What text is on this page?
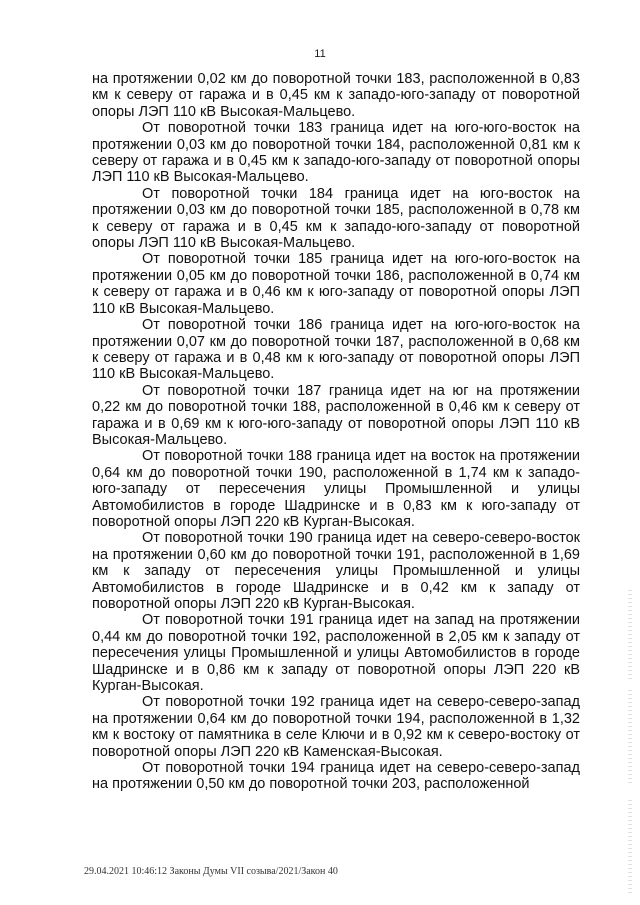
11

на протяжении 0,02 км до поворотной точки 183, расположенной в 0,83 км к северу от гаража и в 0,45 км к западо-юго-западу от поворотной опоры ЛЭП 110 кВ Высокая-Мальцево.

От поворотной точки 183 граница идет на юго-юго-восток на протяжении 0,03 км до поворотной точки 184, расположенной 0,81 км к северу от гаража и в 0,45 км к западо-юго-западу от поворотной опоры ЛЭП 110 кВ Высокая-Мальцево.

От поворотной точки 184 граница идет на юго-восток на протяжении 0,03 км до поворотной точки 185, расположенной в 0,78 км к северу от гаража и в 0,45 км к западо-юго-западу от поворотной опоры ЛЭП 110 кВ Высокая-Мальцево.

От поворотной точки 185 граница идет на юго-юго-восток на протяжении 0,05 км до поворотной точки 186, расположенной в 0,74 км к северу от гаража и в 0,46 км к юго-западу от поворотной опоры ЛЭП 110 кВ Высокая-Мальцево.

От поворотной точки 186 граница идет на юго-юго-восток на протяжении 0,07 км до поворотной точки 187, расположенной в 0,68 км к северу от гаража и в 0,48 км к юго-западу от поворотной опоры ЛЭП 110 кВ Высокая-Мальцево.

От поворотной точки 187 граница идет на юг на протяжении 0,22 км до поворотной точки 188, расположенной в 0,46 км к северу от гаража и в 0,69 км к юго-юго-западу от поворотной опоры ЛЭП 110 кВ Высокая-Мальцево.

От поворотной точки 188 граница идет на восток на протяжении 0,64 км до поворотной точки 190, расположенной в 1,74 км к западо-юго-западу от пересечения улицы Промышленной и улицы Автомобилистов в городе Шадринске и в 0,83 км к юго-западу от поворотной опоры ЛЭП 220 кВ Курган-Высокая.

От поворотной точки 190 граница идет на северо-северо-восток на протяжении 0,60 км до поворотной точки 191, расположенной в 1,69 км к западу от пересечения улицы Промышленной и улицы Автомобилистов в городе Шадринске и в 0,42 км к западу от поворотной опоры ЛЭП 220 кВ Курган-Высокая.

От поворотной точки 191 граница идет на запад на протяжении 0,44 км до поворотной точки 192, расположенной в 2,05 км к западу от пересечения улицы Промышленной и улицы Автомобилистов в городе Шадринске и в 0,86 км к западу от поворотной опоры ЛЭП 220 кВ Курган-Высокая.

От поворотной точки 192 граница идет на северо-северо-запад на протяжении 0,64 км до поворотной точки 194, расположенной в 1,32 км к востоку от памятника в селе Ключи и в 0,92 км к северо-востоку от поворотной опоры ЛЭП 220 кВ Каменская-Высокая.

От поворотной точки 194 граница идет на северо-северо-запад на протяжении 0,50 км до поворотной точки 203, расположенной

29.04.2021 10:46:12 Законы Думы VII созыва/2021/Закон 40
